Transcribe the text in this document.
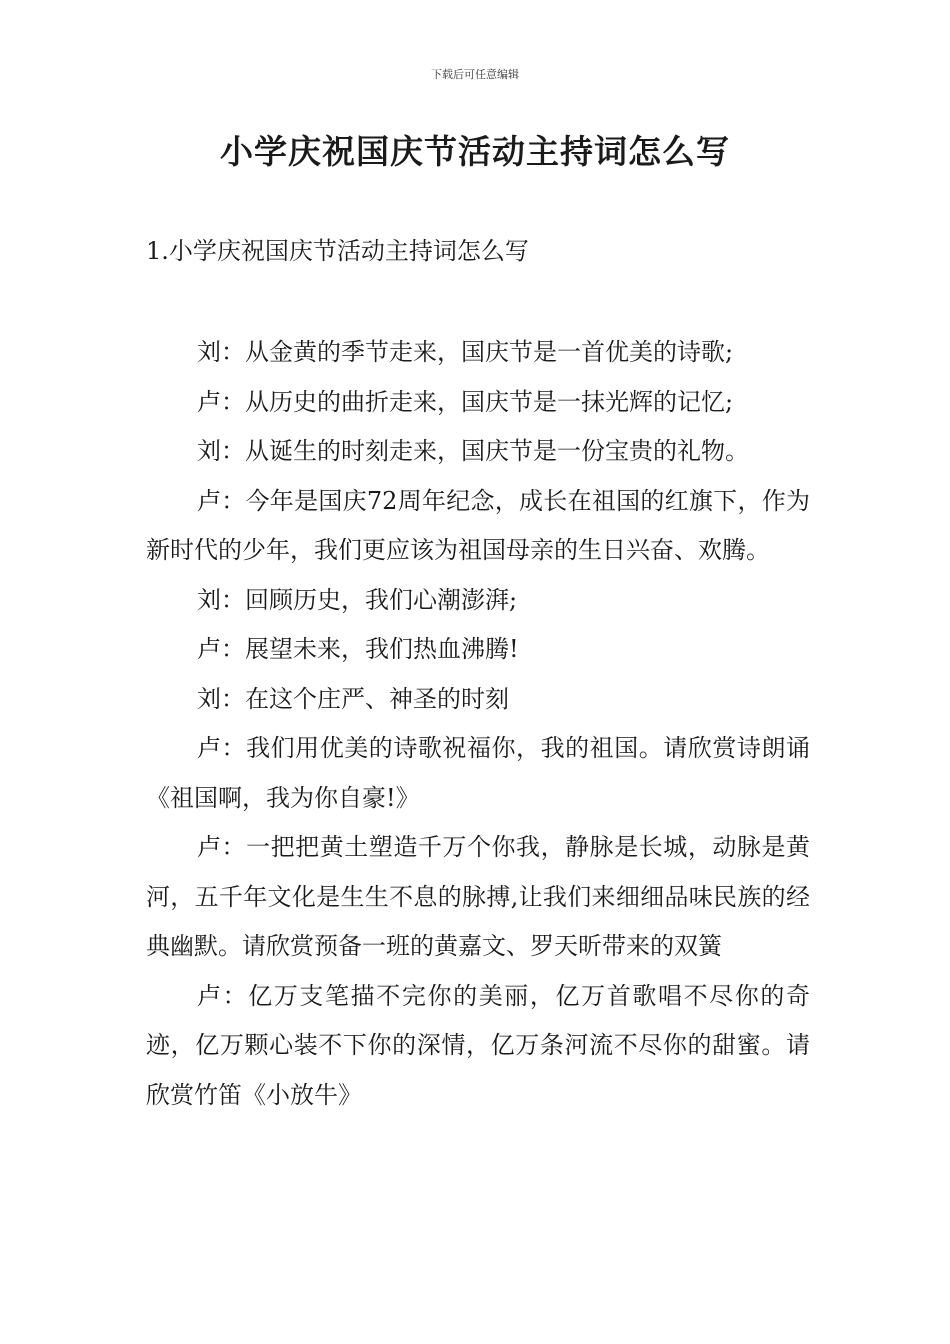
下载后可任意编辑
小学庆祝国庆节活动主持词怎么写
1.小学庆祝国庆节活动主持词怎么写

刘：从金黄的季节走来，国庆节是一首优美的诗歌;

卢：从历史的曲折走来，国庆节是一抹光辉的记忆;

刘：从诞生的时刻走来，国庆节是一份宝贵的礼物。

卢：今年是国庆72周年纪念，成长在祖国的红旗下，作为新时代的少年，我们更应该为祖国母亲的生日兴奋、欢腾。

刘：回顾历史，我们心潮澎湃;

卢：展望未来，我们热血沸腾!

刘：在这个庄严、神圣的时刻

卢：我们用优美的诗歌祝福你，我的祖国。请欣赏诗朗诵《祖国啊，我为你自豪!》

卢：一把把黄土塑造千万个你我，静脉是长城，动脉是黄河，五千年文化是生生不息的脉搏,让我们来细细品味民族的经典幽默。请欣赏预备一班的黄嘉文、罗天昕带来的双簧

卢：亿万支笔描不完你的美丽，亿万首歌唱不尽你的奇迹，亿万颗心装不下你的深情，亿万条河流不尽你的甜蜜。请欣赏竹笛《小放牛》
